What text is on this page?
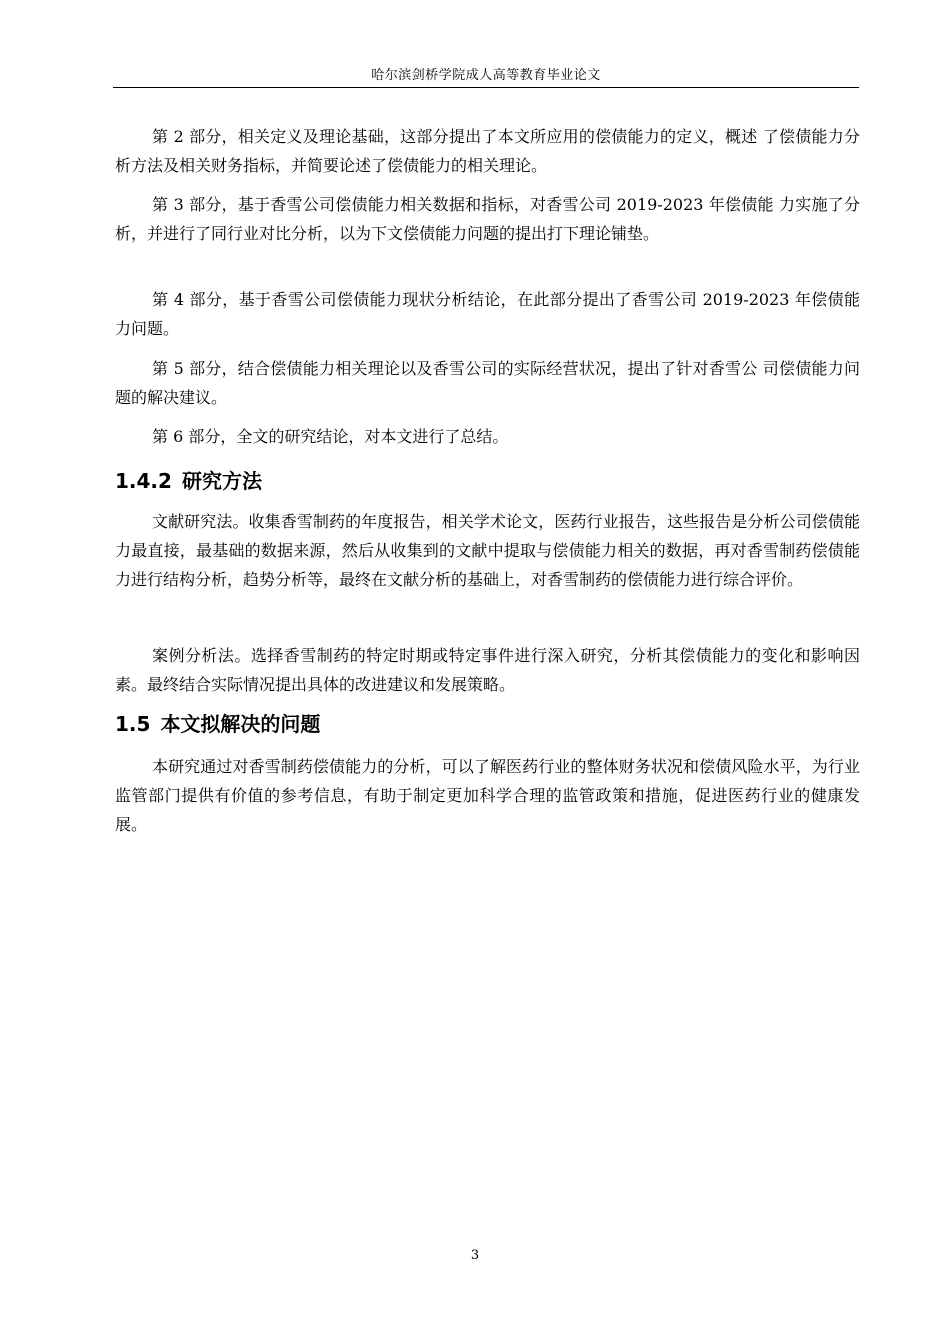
哈尔滨剑桥学院成人高等教育毕业论文

第 2 部分，相关定义及理论基础，这部分提出了本文所应用的偿债能力的定义，概述 了偿债能力分析方法及相关财务指标，并简要论述了偿债能力的相关理论。

第 3 部分，基于香雪公司偿债能力相关数据和指标，对香雪公司 2019-2023 年偿债能 力实施了分析，并进行了同行业对比分析，以为下文偿债能力问题的提出打下理论铺垫。

第 4 部分，基于香雪公司偿债能力现状分析结论，在此部分提出了香雪公司 2019-2023 年偿债能力问题。

第 5 部分，结合偿债能力相关理论以及香雪公司的实际经营状况，提出了针对香雪公 司偿债能力问题的解决建议。

第 6 部分，全文的研究结论，对本文进行了总结。

1.4.2 研究方法

文献研究法。收集香雪制药的年度报告，相关学术论文，医药行业报告，这些报告是分析公司偿债能力最直接，最基础的数据来源，然后从收集到的文献中提取与偿债能力相关的数据，再对香雪制药偿债能力进行结构分析，趋势分析等，最终在文献分析的基础上，对香雪制药的偿债能力进行综合评价。

案例分析法。选择香雪制药的特定时期或特定事件进行深入研究，分析其偿债能力的变化和影响因素。最终结合实际情况提出具体的改进建议和发展策略。

1.5 本文拟解决的问题

本研究通过对香雪制药偿债能力的分析，可以了解医药行业的整体财务状况和偿债风险水平，为行业监管部门提供有价值的参考信息，有助于制定更加科学合理的监管政策和措施，促进医药行业的健康发展。

3
